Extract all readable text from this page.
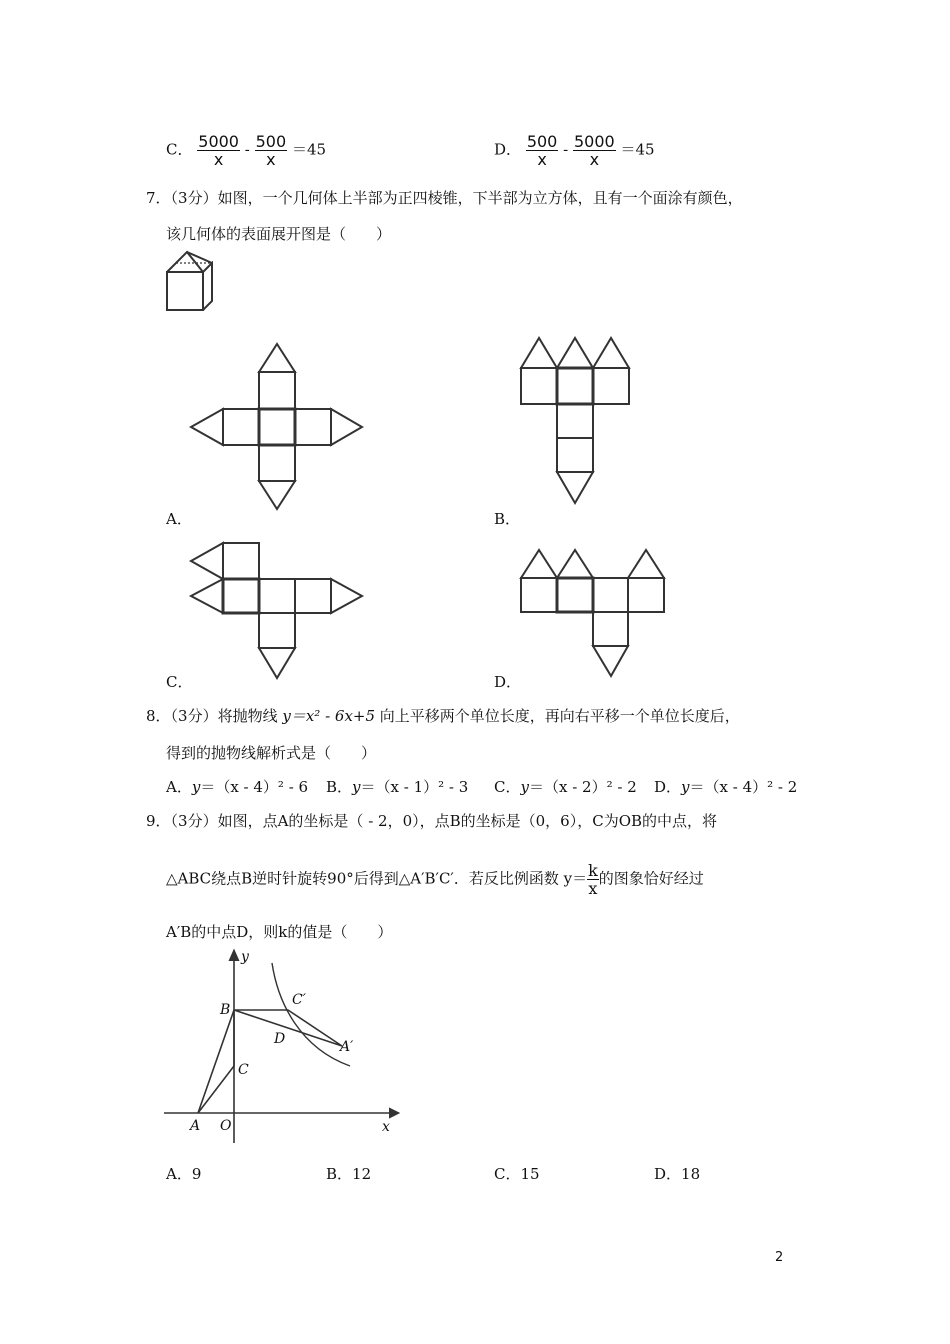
C． $\frac{5000}{x} - \frac{500}{x} =45$	D． $\frac{500}{x} - \frac{5000}{x} =45$
7．（3分）如图，一个几何体上半部为正四棱锥，下半部为立方体，且有一个面涂有颜色，
该几何体的表面展开图是（　　）
A．	B．
C．	D．
8．（3分）将抛物线 y＝x² - 6x+5 向上平移两个单位长度，再向右平移一个单位长度后，
得到的抛物线解析式是（　　）
A．y＝（x - 4）² - 6 B．y＝（x - 1）² - 3 C．y＝（x - 2）² - 2 D．y＝（x - 4）² - 2
9．（3分）如图，点A的坐标是（ - 2，0），点B的坐标是（0，6），C为OB的中点，将
△ABC绕点B逆时针旋转90°后得到△A′B′C′．若反比例函数 $y= \frac{k}{x}$ 的图象恰好经过
A′B的中点D，则k的值是（　　）
y
x
B
C′
D	A′
C
A O
A．9	B．12	C．15	D．18
2
